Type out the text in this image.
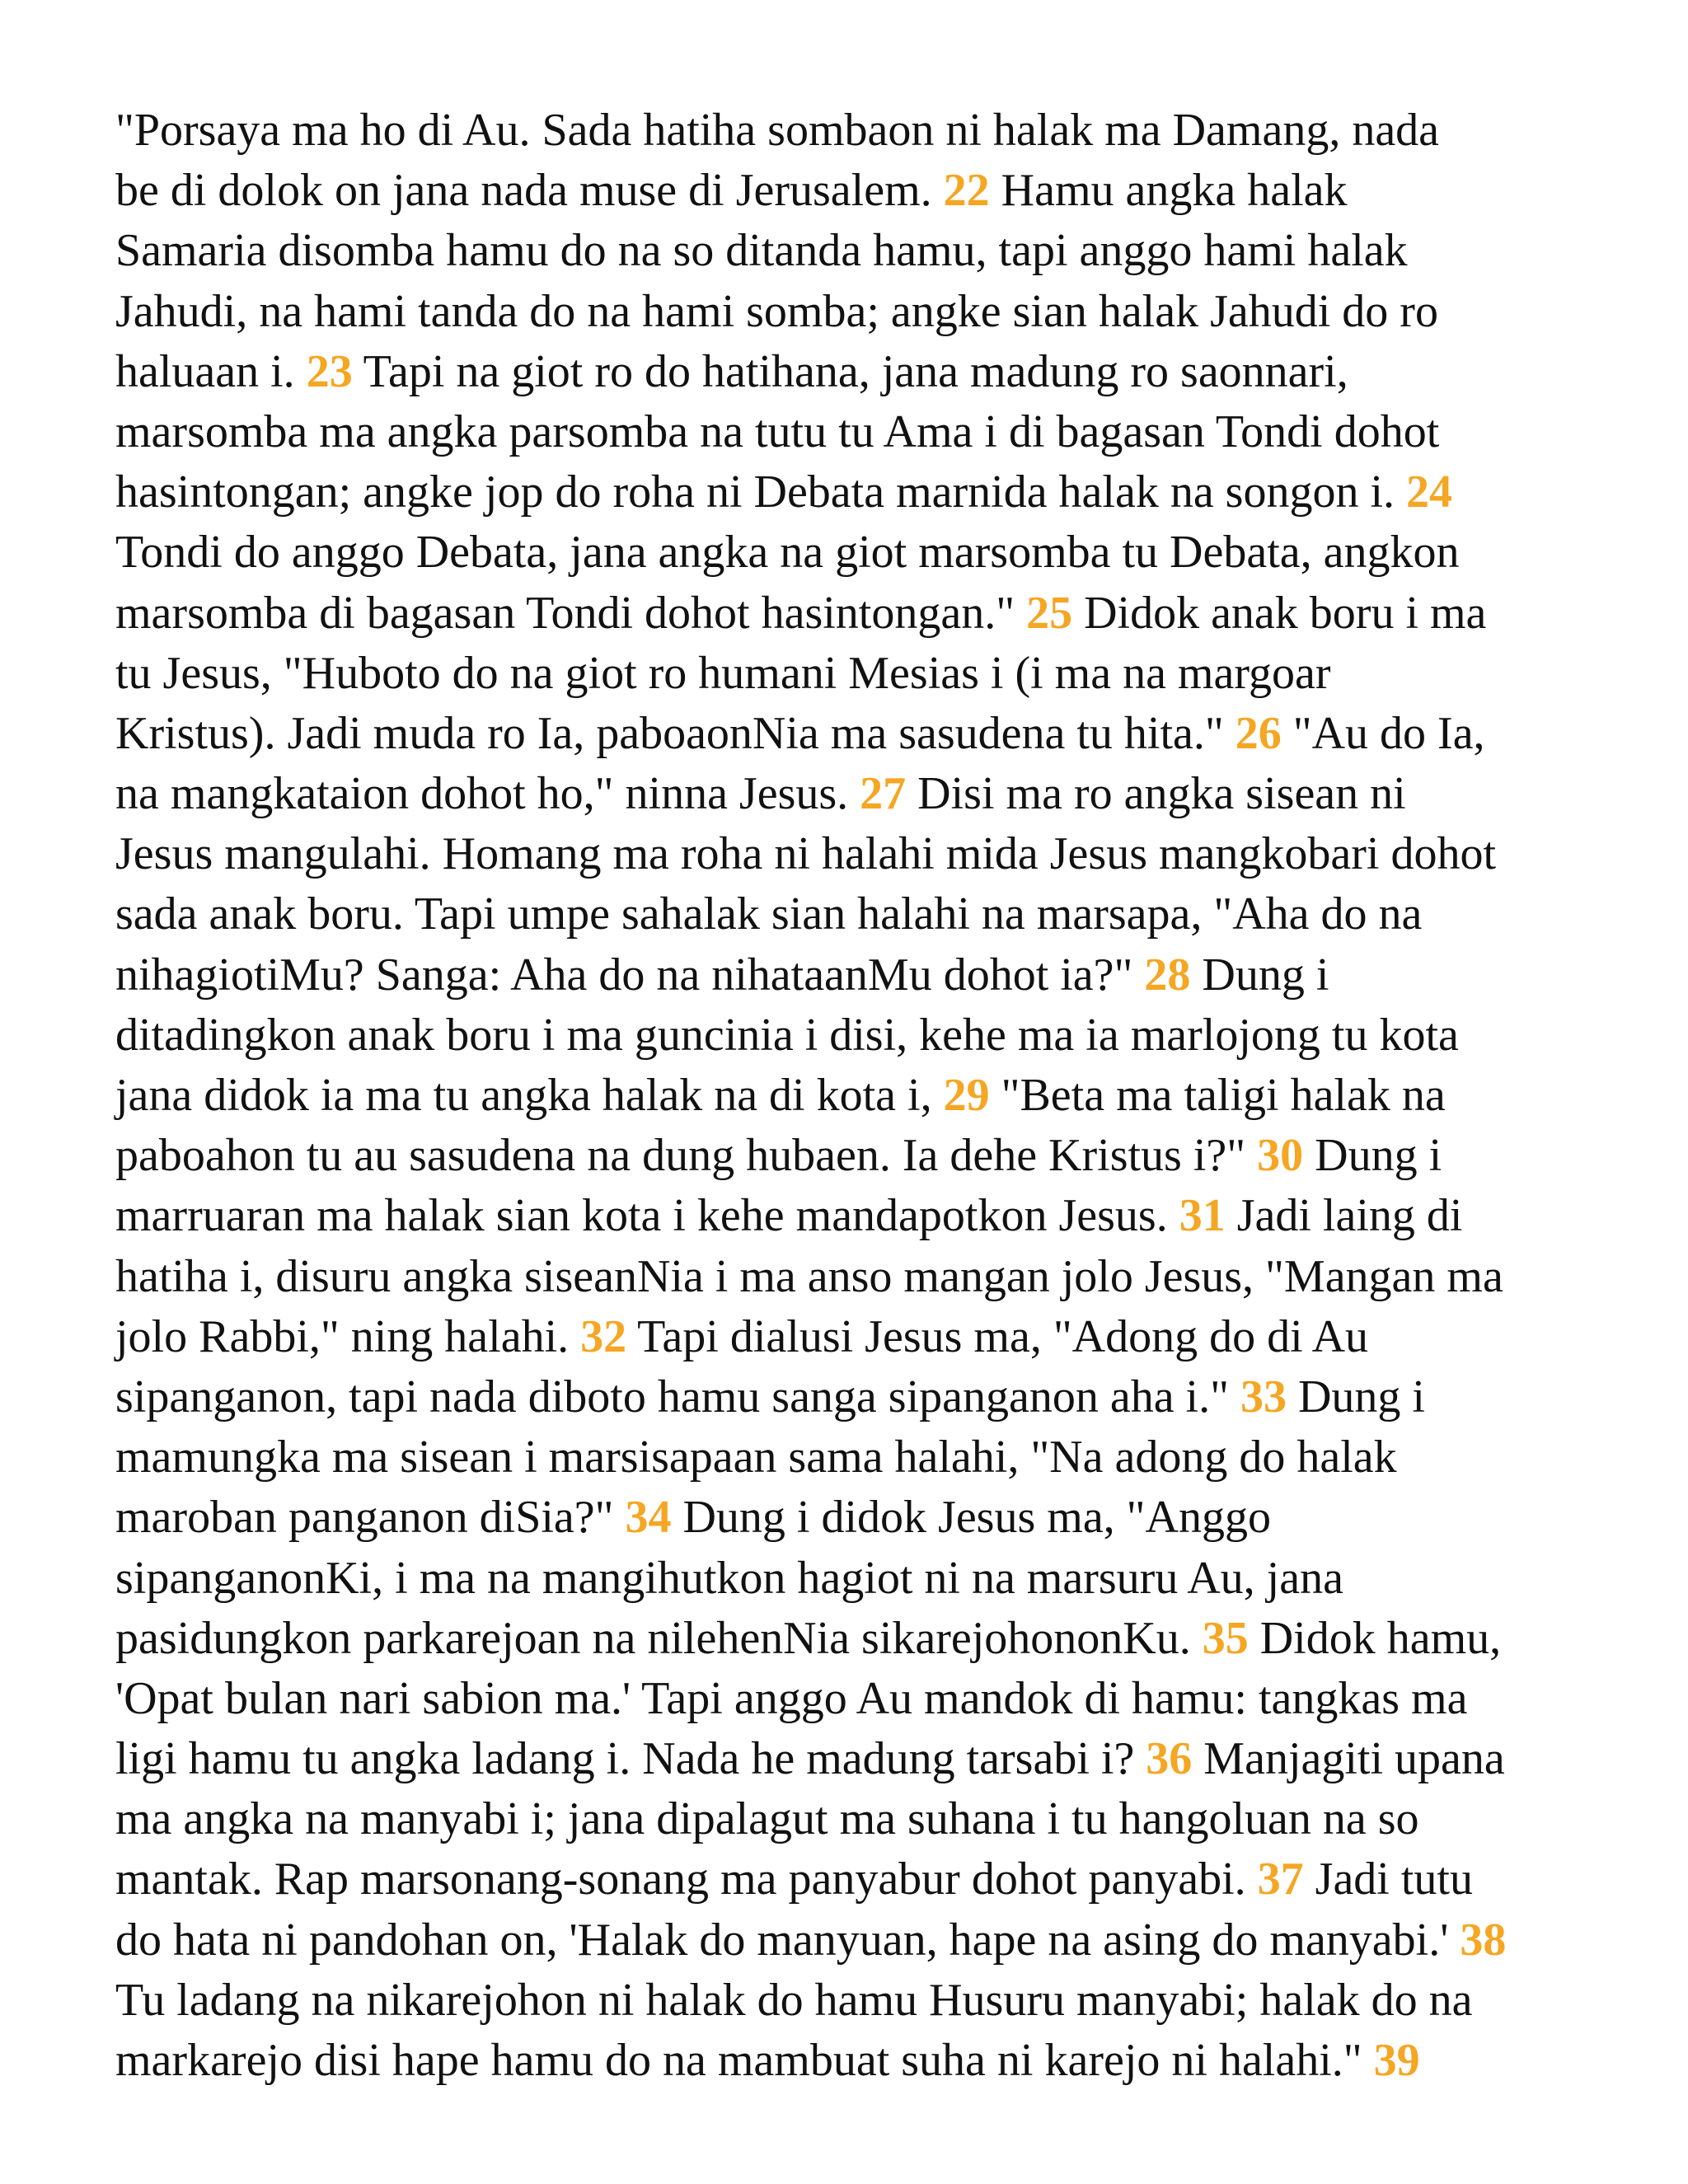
"Porsaya ma ho di Au. Sada hatiha sombaon ni halak ma Damang, nada
be di dolok on jana nada muse di Jerusalem. 22 Hamu angka halak
Samaria disomba hamu do na so ditanda hamu, tapi anggo hami halak
Jahudi, na hami tanda do na hami somba; angke sian halak Jahudi do ro
haluaan i. 23 Tapi na giot ro do hatihana, jana madung ro saonnari,
marsomba ma angka parsomba na tutu tu Ama i di bagasan Tondi dohot
hasintongan; angke jop do roha ni Debata marnida halak na songon i. 24
Tondi do anggo Debata, jana angka na giot marsomba tu Debata, angkon
marsomba di bagasan Tondi dohot hasintongan." 25 Didok anak boru i ma
tu Jesus, "Huboto do na giot ro humani Mesias i (i ma na margoar
Kristus). Jadi muda ro Ia, paboaonNia ma sasudena tu hita." 26 "Au do Ia,
na mangkataion dohot ho," ninna Jesus. 27 Disi ma ro angka sisean ni
Jesus mangulahi. Homang ma roha ni halahi mida Jesus mangkobari dohot
sada anak boru. Tapi umpe sahalak sian halahi na marsapa, "Aha do na
nihagiotiMu? Sanga: Aha do na nihataanMu dohot ia?" 28 Dung i
ditadingkon anak boru i ma guncinia i disi, kehe ma ia marlojong tu kota
jana didok ia ma tu angka halak na di kota i, 29 "Beta ma taligi halak na
paboahon tu au sasudena na dung hubaen. Ia dehe Kristus i?" 30 Dung i
marruaran ma halak sian kota i kehe mandapotkon Jesus. 31 Jadi laing di
hatiha i, disuru angka siseanNia i ma anso mangan jolo Jesus, "Mangan ma
jolo Rabbi," ning halahi. 32 Tapi dialusi Jesus ma, "Adong do di Au
sipanganon, tapi nada diboto hamu sanga sipanganon aha i." 33 Dung i
mamungka ma sisean i marsisapaan sama halahi, "Na adong do halak
maroban panganon diSia?" 34 Dung i didok Jesus ma, "Anggo
sipanganonKi, i ma na mangihutkon hagiot ni na marsuru Au, jana
pasidungkon parkarejoan na nilehenNia sikarejohononKu. 35 Didok hamu,
'Opat bulan nari sabion ma.' Tapi anggo Au mandok di hamu: tangkas ma
ligi hamu tu angka ladang i. Nada he madung tarsabi i? 36 Manjagiti upana
ma angka na manyabi i; jana dipalagut ma suhana i tu hangoluan na so
mantak. Rap marsonang-sonang ma panyabur dohot panyabi. 37 Jadi tutu
do hata ni pandohan on, 'Halak do manyuan, hape na asing do manyabi.' 38
Tu ladang na nikarejohon ni halak do hamu Husuru manyabi; halak do na
markarejo disi hape hamu do na mambuat suha ni karejo ni halahi." 39
